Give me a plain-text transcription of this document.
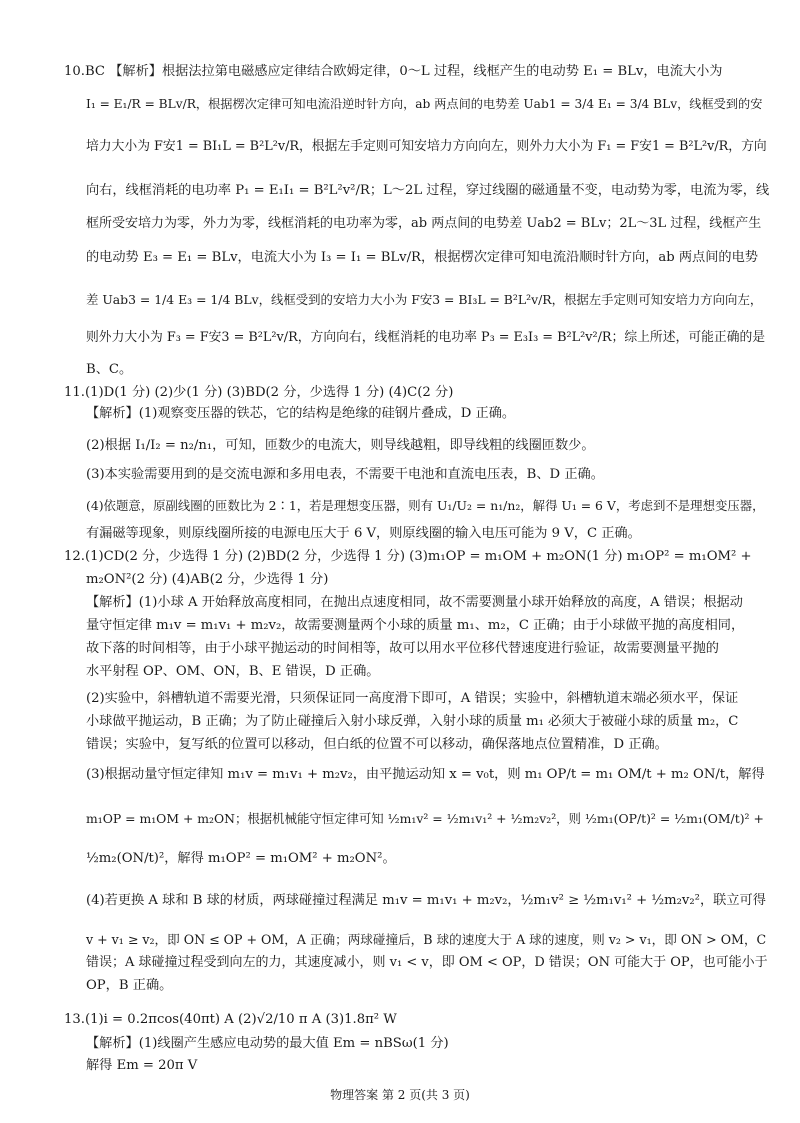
10.BC 【解析】根据法拉第电磁感应定律结合欧姆定律，0～L 过程，线框产生的电动势 E₁ = BLv，电流大小为
I₁ = E₁/R = BLv/R，根据楞次定律可知电流沿逆时针方向，ab 两点间的电势差 Uab1 = 3/4 E₁ = 3/4 BLv，线框受到的安
培力大小为 F安1 = BI₁L = B²L²v/R，根据左手定则可知安培力方向向左，则外力大小为 F₁ = F安1 = B²L²v/R，方向
向右，线框消耗的电功率 P₁ = E₁I₁ = B²L²v²/R；L～2L 过程，穿过线圈的磁通量不变，电动势为零，电流为零，线
框所受安培力为零，外力为零，线框消耗的电功率为零，ab 两点间的电势差 Uab2 = BLv；2L～3L 过程，线框产生
的电动势 E₃ = E₁ = BLv，电流大小为 I₃ = I₁ = BLv/R，根据楞次定律可知电流沿顺时针方向，ab 两点间的电势
差 Uab3 = 1/4 E₃ = 1/4 BLv，线框受到的安培力大小为 F安3 = BI₃L = B²L²v/R，根据左手定则可知安培力方向向左，
则外力大小为 F₃ = F安3 = B²L²v/R，方向向右，线框消耗的电功率 P₃ = E₃I₃ = B²L²v²/R；综上所述，可能正确的是
B、C。
11.(1)D(1 分) (2)少(1 分) (3)BD(2 分，少选得 1 分) (4)C(2 分)
【解析】(1)观察变压器的铁芯，它的结构是绝缘的硅钢片叠成，D 正确。
(2)根据 I₁/I₂ = n₂/n₁，可知，匝数少的电流大，则导线越粗，即导线粗的线圈匝数少。
(3)本实验需要用到的是交流电源和多用电表，不需要干电池和直流电压表，B、D 正确。
(4)依题意，原副线圈的匝数比为 2∶1，若是理想变压器，则有 U₁/U₂ = n₁/n₂，解得 U₁ = 6 V，考虑到不是理想变压器，
有漏磁等现象，则原线圈所接的电源电压大于 6 V，则原线圈的输入电压可能为 9 V，C 正确。
12.(1)CD(2 分，少选得 1 分) (2)BD(2 分，少选得 1 分) (3)m₁OP = m₁OM + m₂ON(1 分) m₁OP² = m₁OM² +
m₂ON²(2 分) (4)AB(2 分，少选得 1 分)
【解析】(1)小球 A 开始释放高度相同，在抛出点速度相同，故不需要测量小球开始释放的高度，A 错误；根据动
量守恒定律 m₁v = m₁v₁ + m₂v₂，故需要测量两个小球的质量 m₁、m₂，C 正确；由于小球做平抛的高度相同，
故下落的时间相等，由于小球平抛运动的时间相等，故可以用水平位移代替速度进行验证，故需要测量平抛的
水平射程 OP、OM、ON，B、E 错误，D 正确。
(2)实验中，斜槽轨道不需要光滑，只须保证同一高度滑下即可，A 错误；实验中，斜槽轨道末端必须水平，保证
小球做平抛运动，B 正确；为了防止碰撞后入射小球反弹，入射小球的质量 m₁ 必须大于被碰小球的质量 m₂，C
错误；实验中，复写纸的位置可以移动，但白纸的位置不可以移动，确保落地点位置精准，D 正确。
(3)根据动量守恒定律知 m₁v = m₁v₁ + m₂v₂，由平抛运动知 x = v₀t，则 m₁ OP/t = m₁ OM/t + m₂ ON/t，解得
m₁OP = m₁OM + m₂ON；根据机械能守恒定律可知 ½m₁v² = ½m₁v₁² + ½m₂v₂²，则 ½m₁(OP/t)² = ½m₁(OM/t)² +
½m₂(ON/t)²，解得 m₁OP² = m₁OM² + m₂ON²。
(4)若更换 A 球和 B 球的材质，两球碰撞过程满足 m₁v = m₁v₁ + m₂v₂，½m₁v² ≥ ½m₁v₁² + ½m₂v₂²，联立可得
v + v₁ ≥ v₂，即 ON ≤ OP + OM，A 正确；两球碰撞后，B 球的速度大于 A 球的速度，则 v₂ > v₁，即 ON > OM，C
错误；A 球碰撞过程受到向左的力，其速度减小，则 v₁ < v，即 OM < OP，D 错误；ON 可能大于 OP，也可能小于
OP，B 正确。
13.(1)i = 0.2πcos(40πt) A (2)√2/10 π A (3)1.8π² W
【解析】(1)线圈产生感应电动势的最大值 Em = nBSω(1 分)
解得 Em = 20π V
物理答案 第 2 页(共 3 页)
